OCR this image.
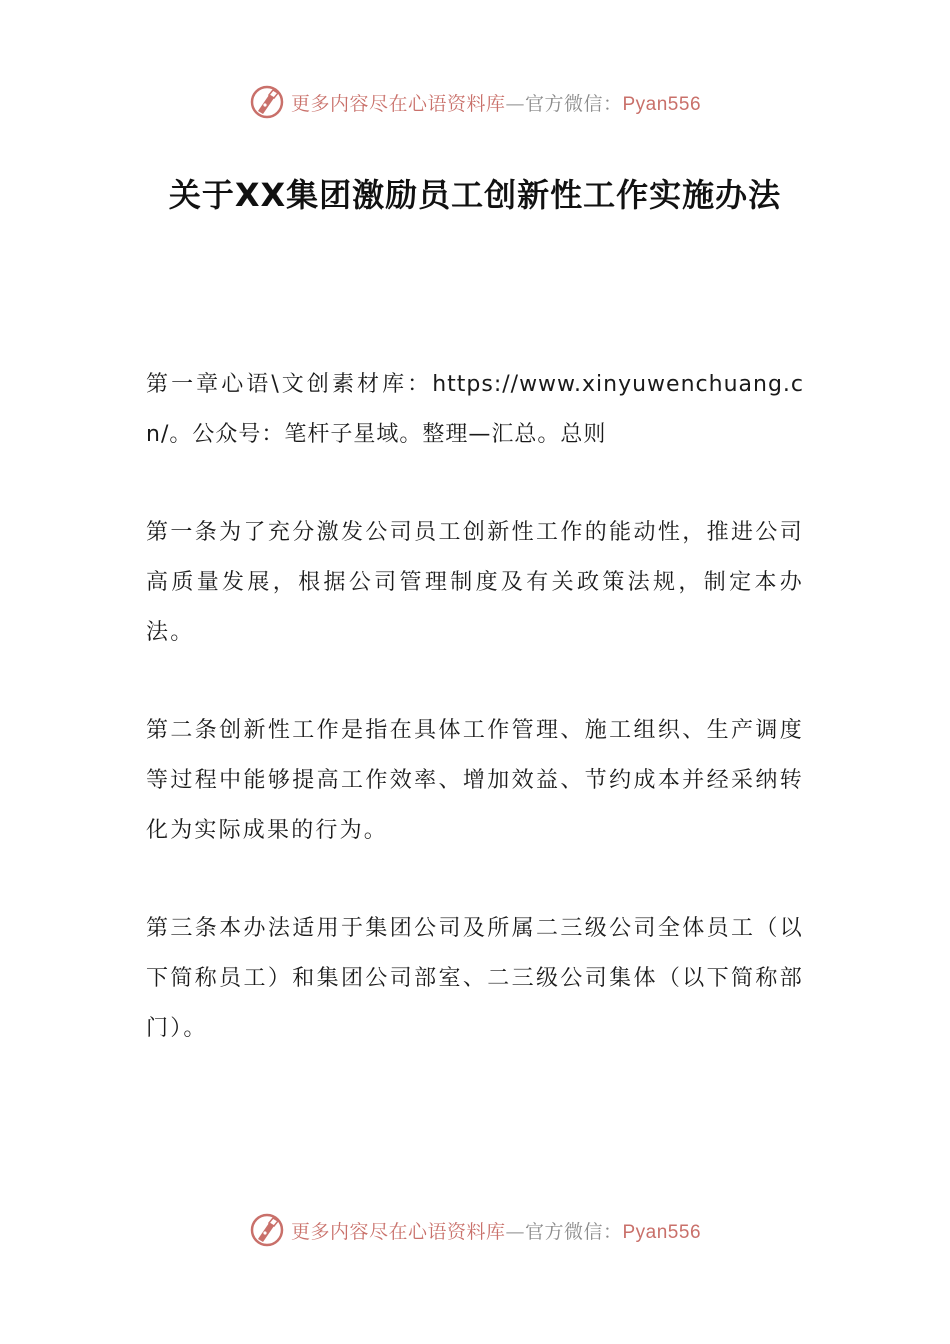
更多内容尽在心语资料库—官方微信：Pyan556
关于XX集团激励员工创新性工作实施办法

第一章心语\文创素材库：https://www.xinyuwenchuang.cn/。公众号：笔杆子星域。整理—汇总。总则

第一条为了充分激发公司员工创新性工作的能动性，推进公司高质量发展，根据公司管理制度及有关政策法规，制定本办法。

第二条创新性工作是指在具体工作管理、施工组织、生产调度等过程中能够提高工作效率、增加效益、节约成本并经采纳转化为实际成果的行为。

第三条本办法适用于集团公司及所属二三级公司全体员工（以下简称员工）和集团公司部室、二三级公司集体（以下简称部门）。

更多内容尽在心语资料库—官方微信：Pyan556
